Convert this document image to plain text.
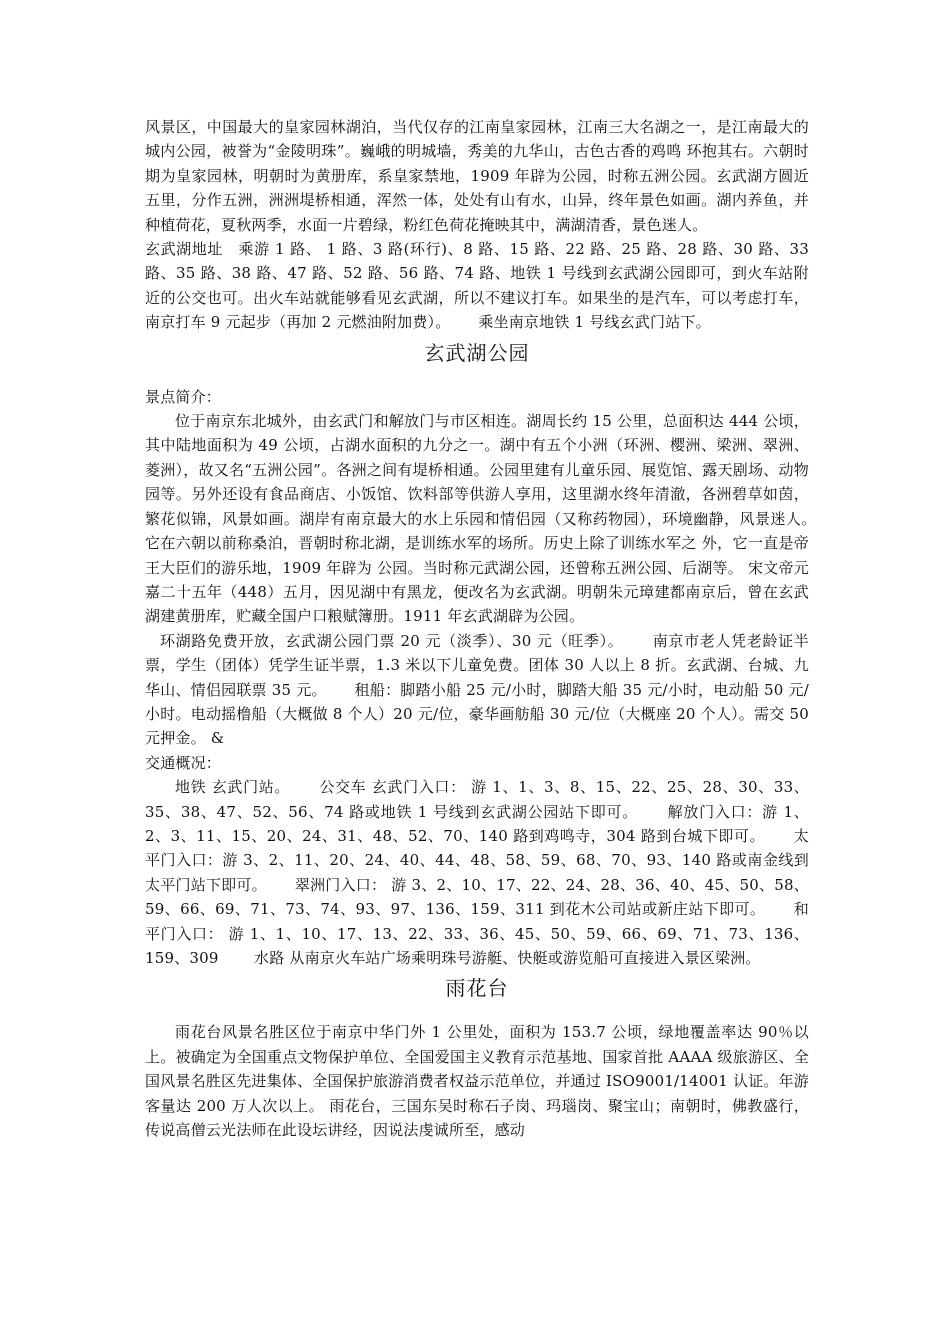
风景区，中国最大的皇家园林湖泊，当代仅存的江南皇家园林，江南三大名湖之一，是江南最大的城内公园，被誉为“金陵明珠”。巍峨的明城墙，秀美的九华山，古色古香的鸡鸣 环抱其右。六朝时期为皇家园林，明朝时为黄册库，系皇家禁地，1909 年辟为公园，时称五洲公园。玄武湖方圆近五里，分作五洲，洲洲堤桥相通，浑然一体，处处有山有水，山异，终年景色如画。湖内养鱼，并种植荷花，夏秋两季，水面一片碧绿，粉红色荷花掩映其中，满湖清香，景色迷人。

玄武湖地址　乘游 1 路、 1 路、3 路(环行)、8 路、15 路、22 路、25 路、28 路、30 路、33 路、35 路、38 路、47 路、52 路、56 路、74 路、地铁 1 号线到玄武湖公园即可，到火车站附近的公交也可。出火车站就能够看见玄武湖，所以不建议打车。如果坐的是汽车，可以考虑打车，南京打车 9 元起步（再加 2 元燃油附加费）。　　 乘坐南京地铁 1 号线玄武门站下。

玄武湖公园

景点简介：

位于南京东北城外，由玄武门和解放门与市区相连。湖周长约 15 公里，总面积达 444 公顷，其中陆地面积为 49 公顷，占湖水面积的九分之一。湖中有五个小洲（环洲、樱洲、梁洲、翠洲、菱洲），故又名“五洲公园”。各洲之间有堤桥相通。公园里建有儿童乐园、展览馆、露天剧场、动物园等。另外还设有食品商店、小饭馆、饮料部等供游人享用，这里湖水终年清澈，各洲碧草如茵，繁花似锦，风景如画。湖岸有南京最大的水上乐园和情侣园（又称药物园），环境幽静，风景迷人。　　 它在六朝以前称桑泊，晋朝时称北湖，是训练水军的场所。历史上除了训练水军之 外，它一直是帝王大臣们的游乐地，1909 年辟为 公园。当时称元武湖公园，还曾称五洲公园、后湖等。 宋文帝元嘉二十五年（448）五月，因见湖中有黑龙，便改名为玄武湖。明朝朱元璋建都南京后，曾在玄武湖建黄册库，贮藏全国户口粮赋簿册。1911 年玄武湖辟为公园。

环湖路免费开放，玄武湖公园门票 20 元（淡季）、30 元（旺季）。　　 南京市老人凭老龄证半票，学生（团体）凭学生证半票，1.3 米以下儿童免费。团体 30 人以上 8 折。玄武湖、台城、九华山、情侣园联票 35 元。　　 租船：脚踏小船 25 元/小时，脚踏大船 35 元/小时，电动船 50 元/小时。电动摇橹船（大概做 8 个人）20 元/位，豪华画舫船 30 元/位（大概座 20 个人）。需交 50 元押金。 &

交通概况：

地铁 玄武门站。　　 公交车 玄武门入口： 游 1、1、3、8、15、22、25、28、30、33、35、38、47、52、56、74 路或地铁 1 号线到玄武湖公园站下即可。　　 解放门入口：游 1、2、3、11、15、20、24、31、48、52、70、140 路到鸡鸣寺，304 路到台城下即可。　　 太平门入口：游 3、2、11、20、24、40、44、48、58、59、68、70、93、140 路或南金线到太平门站下即可。　　 翠洲门入口： 游 3、2、10、17、22、24、28、36、40、45、50、58、59、66、69、71、73、74、93、97、136、159、311 到花木公司站或新庄站下即可。　　 和平门入口： 游 1、1、10、17、13、22、33、36、45、50、59、66、69、71、73、136、159、309　　 水路 从南京火车站广场乘明珠号游艇、快艇或游览船可直接进入景区梁洲。

雨花台

雨花台风景名胜区位于南京中华门外 1 公里处，面积为 153.7 公顷，绿地覆盖率达 90％以上。被确定为全国重点文物保护单位、全国爱国主义教育示范基地、国家首批 AAAA 级旅游区、全国风景名胜区先进集体、全国保护旅游消费者权益示范单位，并通过 ISO9001/14001 认证。年游客量达 200 万人次以上。 雨花台，三国东吴时称石子岗、玛瑙岗、聚宝山；南朝时，佛教盛行，传说高僧云光法师在此设坛讲经，因说法虔诚所至，感动
